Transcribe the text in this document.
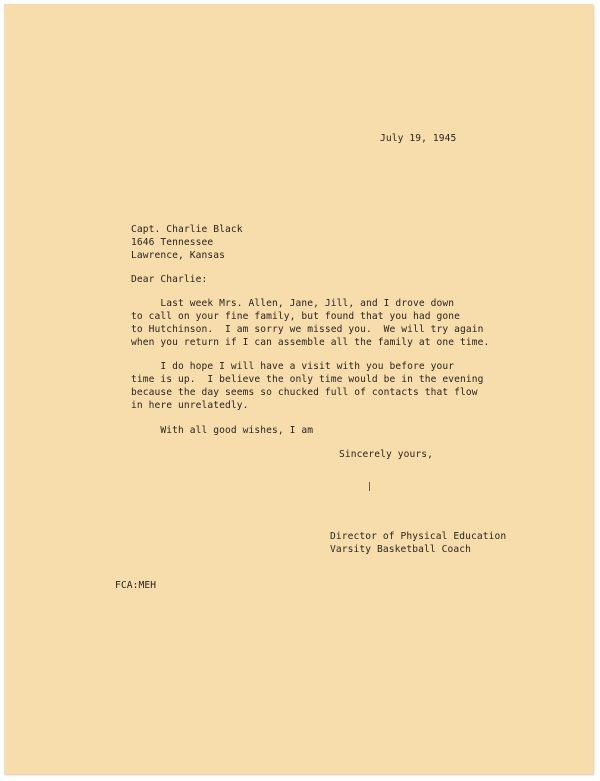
July 19, 1945
Capt. Charlie Black
1646 Tennessee
Lawrence, Kansas
Dear Charlie:
Last week Mrs. Allen, Jane, Jill, and I drove down
to call on your fine family, but found that you had gone
to Hutchinson.  I am sorry we missed you.  We will try again
when you return if I can assemble all the family at one time.
I do hope I will have a visit with you before your
time is up.  I believe the only time would be in the evening
because the day seems so chucked full of contacts that flow
in here unrelatedly.
With all good wishes, I am
Sincerely yours,
Director of Physical Education
Varsity Basketball Coach
FCA:MEH
